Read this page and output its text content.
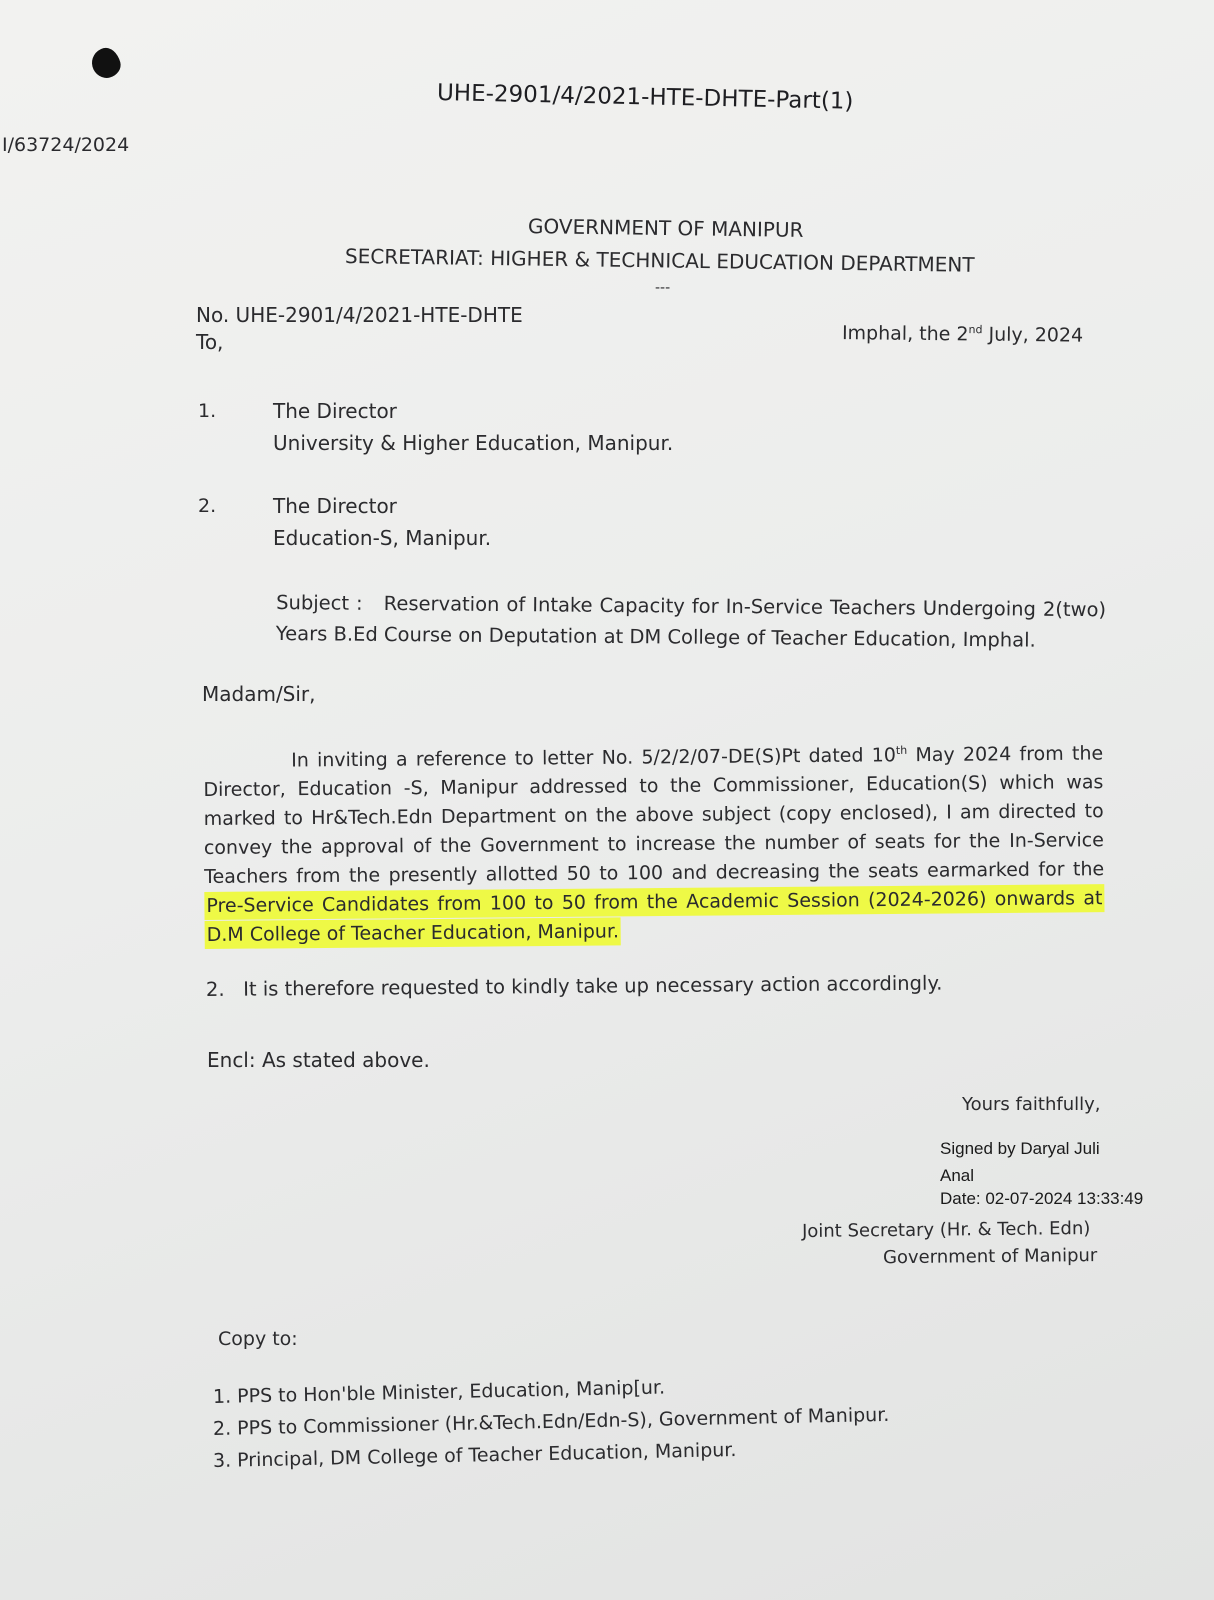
UHE-2901/4/2021-HTE-DHTE-Part(1)
I/63724/2024
GOVERNMENT OF MANIPUR
SECRETARIAT: HIGHER & TECHNICAL EDUCATION DEPARTMENT
---
No. UHE-2901/4/2021-HTE-DHTE
To,	Imphal, the 2nd July, 2024
1.	The Director
University & Higher Education, Manipur.
2.	The Director
Education-S, Manipur.
Subject : Reservation of Intake Capacity for In-Service Teachers Undergoing 2(two) Years B.Ed Course on Deputation at DM College of Teacher Education, Imphal.
Madam/Sir,
In inviting a reference to letter No. 5/2/2/07-DE(S)Pt dated 10th May 2024 from the Director, Education -S, Manipur addressed to the Commissioner, Education(S) which was marked to Hr&Tech.Edn Department on the above subject (copy enclosed), I am directed to convey the approval of the Government to increase the number of seats for the In-Service Teachers from the presently allotted 50 to 100 and decreasing the seats earmarked for the Pre-Service Candidates from 100 to 50 from the Academic Session (2024-2026) onwards at D.M College of Teacher Education, Manipur.
2. It is therefore requested to kindly take up necessary action accordingly.
Encl: As stated above.
Yours faithfully,
Signed by Daryal Juli
Anal
Date: 02-07-2024 13:33:49
Joint Secretary (Hr. & Tech. Edn)
Government of Manipur
Copy to:
1. PPS to Hon'ble Minister, Education, Manip[ur.
2. PPS to Commissioner (Hr.&Tech.Edn/Edn-S), Government of Manipur.
3. Principal, DM College of Teacher Education, Manipur.
